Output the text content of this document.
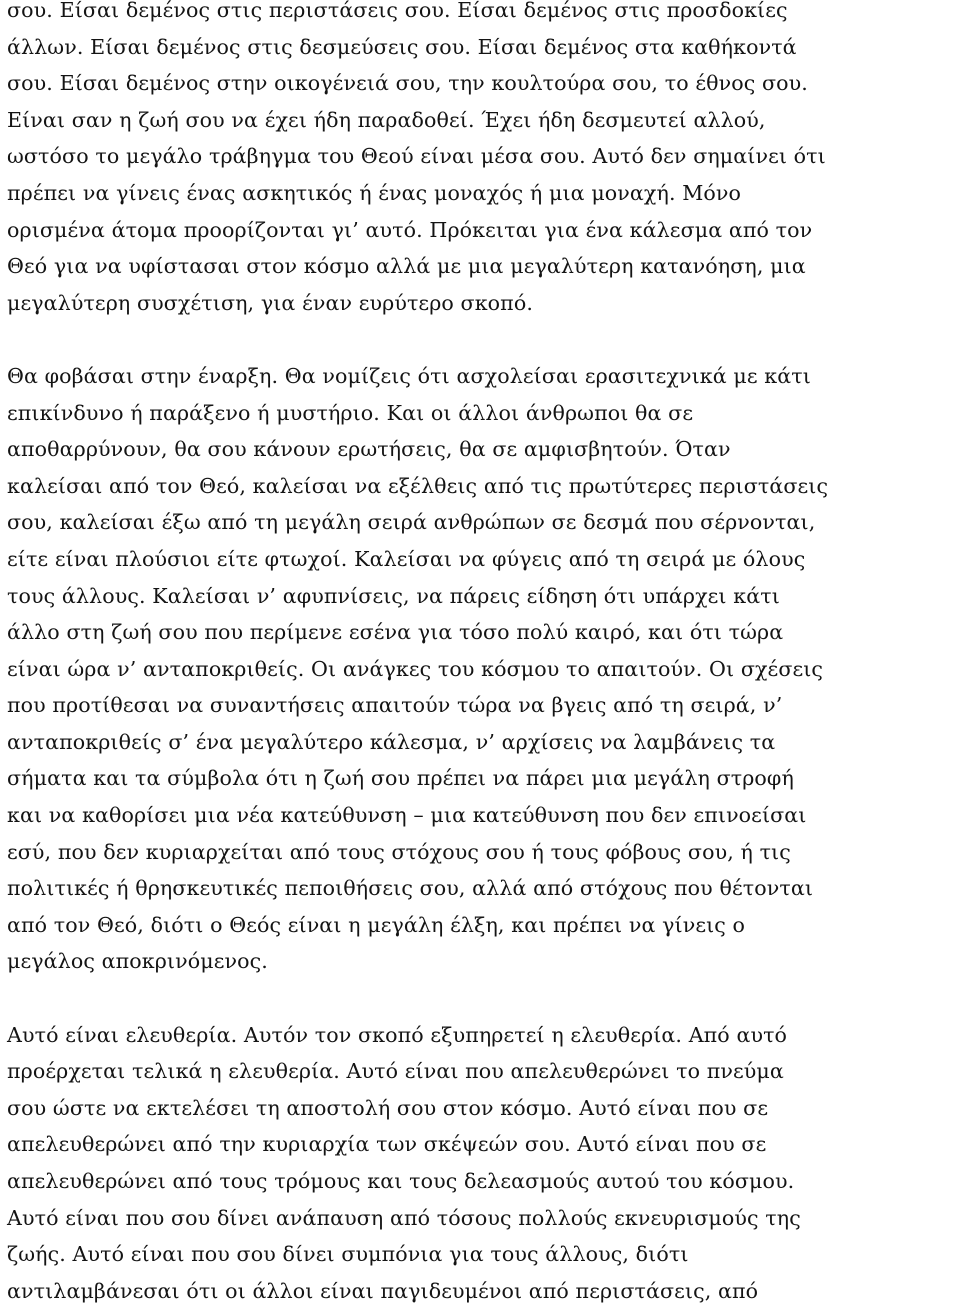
σου. Είσαι δεμένος στις περιστάσεις σου. Είσαι δεμένος στις προσδοκίες
άλλων. Είσαι δεμένος στις δεσμεύσεις σου. Είσαι δεμένος στα καθήκοντά
σου. Είσαι δεμένος στην οικογένειά σου, την κουλτούρα σου, το έθνος σου.
Είναι σαν η ζωή σου να έχει ήδη παραδοθεί. Έχει ήδη δεσμευτεί αλλού,
ωστόσο το μεγάλο τράβηγμα του Θεού είναι μέσα σου. Αυτό δεν σημαίνει ότι
πρέπει να γίνεις ένας ασκητικός ή ένας μοναχός ή μια μοναχή. Μόνο
ορισμένα άτομα προορίζονται γι’ αυτό. Πρόκειται για ένα κάλεσμα από τον
Θεό για να υφίστασαι στον κόσμο αλλά με μια μεγαλύτερη κατανόηση, μια
μεγαλύτερη συσχέτιση, για έναν ευρύτερο σκοπό.

Θα φοβάσαι στην έναρξη. Θα νομίζεις ότι ασχολείσαι ερασιτεχνικά με κάτι
επικίνδυνο ή παράξενο ή μυστήριο. Και οι άλλοι άνθρωποι θα σε
αποθαρρύνουν, θα σου κάνουν ερωτήσεις, θα σε αμφισβητούν. Όταν
καλείσαι από τον Θεό, καλείσαι να εξέλθεις από τις πρωτύτερες περιστάσεις
σου, καλείσαι έξω από τη μεγάλη σειρά ανθρώπων σε δεσμά που σέρνονται,
είτε είναι πλούσιοι είτε φτωχοί. Καλείσαι να φύγεις από τη σειρά με όλους
τους άλλους. Καλείσαι ν’ αφυπνίσεις, να πάρεις είδηση ότι υπάρχει κάτι
άλλο στη ζωή σου που περίμενε εσένα για τόσο πολύ καιρό, και ότι τώρα
είναι ώρα ν’ ανταποκριθείς. Οι ανάγκες του κόσμου το απαιτούν. Οι σχέσεις
που προτίθεσαι να συναντήσεις απαιτούν τώρα να βγεις από τη σειρά, ν’
ανταποκριθείς σ’ ένα μεγαλύτερο κάλεσμα, ν’ αρχίσεις να λαμβάνεις τα
σήματα και τα σύμβολα ότι η ζωή σου πρέπει να πάρει μια μεγάλη στροφή
και να καθορίσει μια νέα κατεύθυνση – μια κατεύθυνση που δεν επινοείσαι
εσύ, που δεν κυριαρχείται από τους στόχους σου ή τους φόβους σου, ή τις
πολιτικές ή θρησκευτικές πεποιθήσεις σου, αλλά από στόχους που θέτονται
από τον Θεό, διότι ο Θεός είναι η μεγάλη έλξη, και πρέπει να γίνεις ο
μεγάλος αποκρινόμενος.

Αυτό είναι ελευθερία. Αυτόν τον σκοπό εξυπηρετεί η ελευθερία. Από αυτό
προέρχεται τελικά η ελευθερία. Αυτό είναι που απελευθερώνει το πνεύμα
σου ώστε να εκτελέσει τη αποστολή σου στον κόσμο. Αυτό είναι που σε
απελευθερώνει από την κυριαρχία των σκέψεών σου. Αυτό είναι που σε
απελευθερώνει από τους τρόμους και τους δελεασμούς αυτού του κόσμου.
Αυτό είναι που σου δίνει ανάπαυση από τόσους πολλούς εκνευρισμούς της
ζωής. Αυτό είναι που σου δίνει συμπόνια για τους άλλους, διότι
αντιλαμβάνεσαι ότι οι άλλοι είναι παγιδευμένοι από περιστάσεις, από
